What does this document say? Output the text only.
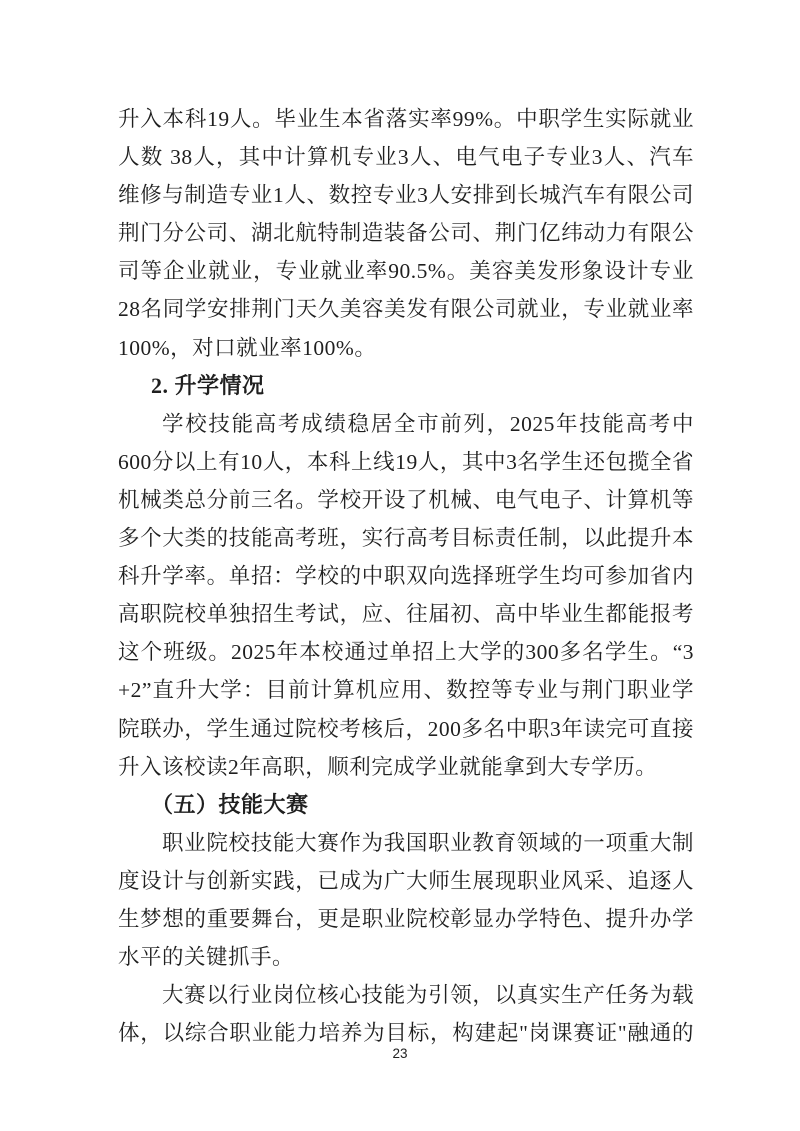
升入本科19人。毕业生本省落实率99%。中职学生实际就业
人数 38人，其中计算机专业3人、电气电子专业3人、汽车
维修与制造专业1人、数控专业3人安排到长城汽车有限公司
荆门分公司、湖北航特制造装备公司、荆门亿纬动力有限公
司等企业就业，专业就业率90.5%。美容美发形象设计专业
28名同学安排荆门天久美容美发有限公司就业，专业就业率
100%，对口就业率100%。
2. 升学情况
学校技能高考成绩稳居全市前列，2025年技能高考中
600分以上有10人，本科上线19人，其中3名学生还包揽全省
机械类总分前三名。学校开设了机械、电气电子、计算机等
多个大类的技能高考班，实行高考目标责任制，以此提升本
科升学率。单招：学校的中职双向选择班学生均可参加省内
高职院校单独招生考试，应、往届初、高中毕业生都能报考
这个班级。2025年本校通过单招上大学的300多名学生。“3
+2”直升大学：目前计算机应用、数控等专业与荆门职业学
院联办，学生通过院校考核后，200多名中职3年读完可直接
升入该校读2年高职，顺利完成学业就能拿到大专学历。
（五）技能大赛
职业院校技能大赛作为我国职业教育领域的一项重大制
度设计与创新实践，已成为广大师生展现职业风采、追逐人
生梦想的重要舞台，更是职业院校彰显办学特色、提升办学
水平的关键抓手。
大赛以行业岗位核心技能为引领，以真实生产任务为载
体，以综合职业能力培养为目标，构建起"岗课赛证"融通的
23
